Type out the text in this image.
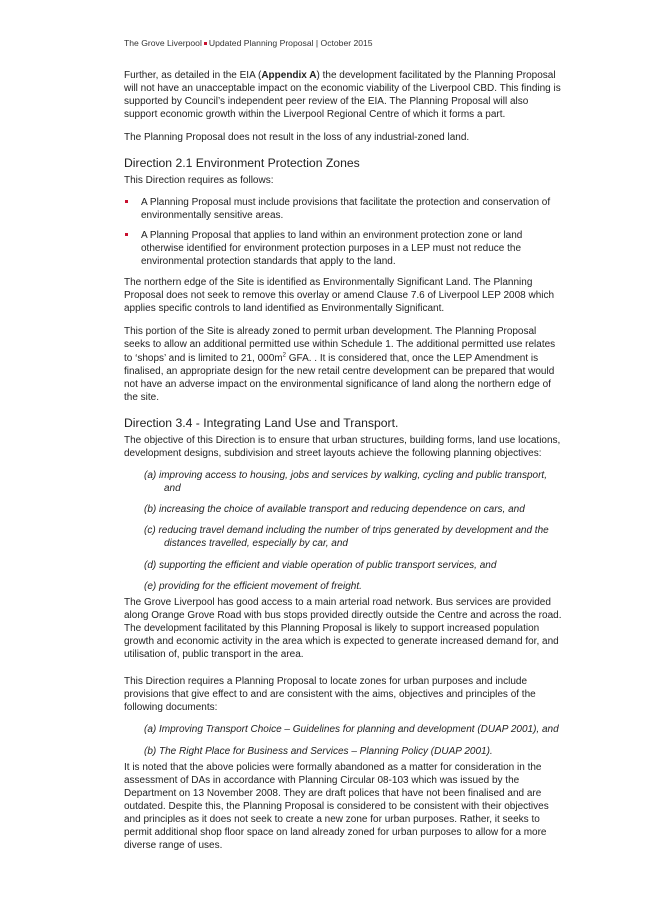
The Grove Liverpool Updated Planning Proposal | October 2015

Further, as detailed in the EIA (Appendix A) the development facilitated by the Planning Proposal will not have an unacceptable impact on the economic viability of the Liverpool CBD. This finding is supported by Council’s independent peer review of the EIA. The Planning Proposal will also support economic growth within the Liverpool Regional Centre of which it forms a part.

The Planning Proposal does not result in the loss of any industrial-zoned land.

Direction 2.1 Environment Protection Zones

This Direction requires as follows:

A Planning Proposal must include provisions that facilitate the protection and conservation of environmentally sensitive areas.
A Planning Proposal that applies to land within an environment protection zone or land otherwise identified for environment protection purposes in a LEP must not reduce the environmental protection standards that apply to the land.

The northern edge of the Site is identified as Environmentally Significant Land. The Planning Proposal does not seek to remove this overlay or amend Clause 7.6 of Liverpool LEP 2008 which applies specific controls to land identified as Environmentally Significant.

This portion of the Site is already zoned to permit urban development. The Planning Proposal seeks to allow an additional permitted use within Schedule 1. The additional permitted use relates to ‘shops’ and is limited to 21, $000m^2$ GFA. . It is considered that, once the LEP Amendment is finalised, an appropriate design for the new retail centre development can be prepared that would not have an adverse impact on the environmental significance of land along the northern edge of the site.

Direction 3.4 - Integrating Land Use and Transport.

The objective of this Direction is to ensure that urban structures, building forms, land use locations, development designs, subdivision and street layouts achieve the following planning objectives:

(a) improving access to housing, jobs and services by walking, cycling and public transport, and
(b) increasing the choice of available transport and reducing dependence on cars, and
(c) reducing travel demand including the number of trips generated by development and the distances travelled, especially by car, and
(d) supporting the efficient and viable operation of public transport services, and
(e) providing for the efficient movement of freight.

The Grove Liverpool has good access to a main arterial road network. Bus services are provided along Orange Grove Road with bus stops provided directly outside the Centre and across the road. The development facilitated by this Planning Proposal is likely to support increased population growth and economic activity in the area which is expected to generate increased demand for, and utilisation of, public transport in the area.

This Direction requires a Planning Proposal to locate zones for urban purposes and include provisions that give effect to and are consistent with the aims, objectives and principles of the following documents:

(a) Improving Transport Choice – Guidelines for planning and development (DUAP 2001), and
(b) The Right Place for Business and Services – Planning Policy (DUAP 2001).

It is noted that the above policies were formally abandoned as a matter for consideration in the assessment of DAs in accordance with Planning Circular 08-103 which was issued by the Department on 13 November 2008. They are draft polices that have not been finalised and are outdated. Despite this, the Planning Proposal is considered to be consistent with their objectives and principles as it does not seek to create a new zone for urban purposes. Rather, it seeks to permit additional shop floor space on land already zoned for urban purposes to allow for a more diverse range of uses.
